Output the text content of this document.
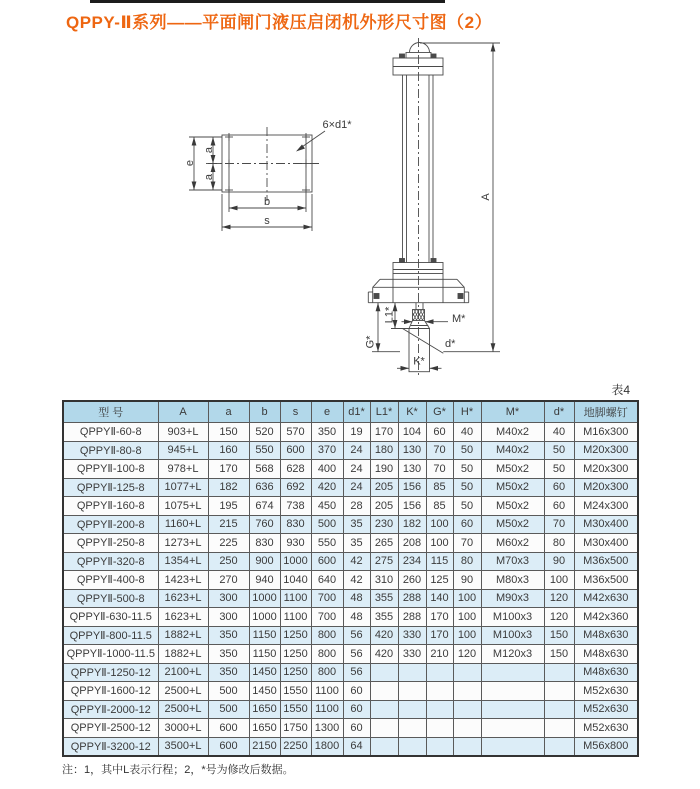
QPPY-Ⅱ系列——平面闸门液压启闭机外形尺寸图（2）
6×d1*
e
a
a
b
s
A
M*
d*
K*
L1*
G*
表4
型 号	A	a	b	s	e	d1*	L1*	K*	G*	H*	M*	d*	地脚螺钉
QPPYⅡ-60-8	903+L	150	520	570	350	19	170	104	60	40	M40x2	40	M16x300
QPPYⅡ-80-8	945+L	160	550	600	370	24	180	130	70	50	M40x2	50	M20x300
QPPYⅡ-100-8	978+L	170	568	628	400	24	190	130	70	50	M50x2	50	M20x300
QPPYⅡ-125-8	1077+L	182	636	692	420	24	205	156	85	50	M50x2	60	M20x300
QPPYⅡ-160-8	1075+L	195	674	738	450	28	205	156	85	50	M50x2	60	M24x300
QPPYⅡ-200-8	1160+L	215	760	830	500	35	230	182	100	60	M50x2	70	M30x400
QPPYⅡ-250-8	1273+L	225	830	930	550	35	265	208	100	70	M60x2	80	M30x400
QPPYⅡ-320-8	1354+L	250	900	1000	600	42	275	234	115	80	M70x3	90	M36x500
QPPYⅡ-400-8	1423+L	270	940	1040	640	42	310	260	125	90	M80x3	100	M36x500
QPPYⅡ-500-8	1623+L	300	1000	1100	700	48	355	288	140	100	M90x3	120	M42x630
QPPYⅡ-630-11.5	1623+L	300	1000	1100	700	48	355	288	170	100	M100x3	120	M42x360
QPPYⅡ-800-11.5	1882+L	350	1150	1250	800	56	420	330	170	100	M100x3	150	M48x630
QPPYⅡ-1000-11.5	1882+L	350	1150	1250	800	56	420	330	210	120	M120x3	150	M48x630
QPPYⅡ-1250-12	2100+L	350	1450	1250	800	56							M48x630
QPPYⅡ-1600-12	2500+L	500	1450	1550	1100	60							M52x630
QPPYⅡ-2000-12	2500+L	500	1650	1550	1100	60							M52x630
QPPYⅡ-2500-12	3000+L	600	1650	1750	1300	60							M52x630
QPPYⅡ-3200-12	3500+L	600	2150	2250	1800	64							M56x800
注：1，其中L表示行程；2，*号为修改后数据。
